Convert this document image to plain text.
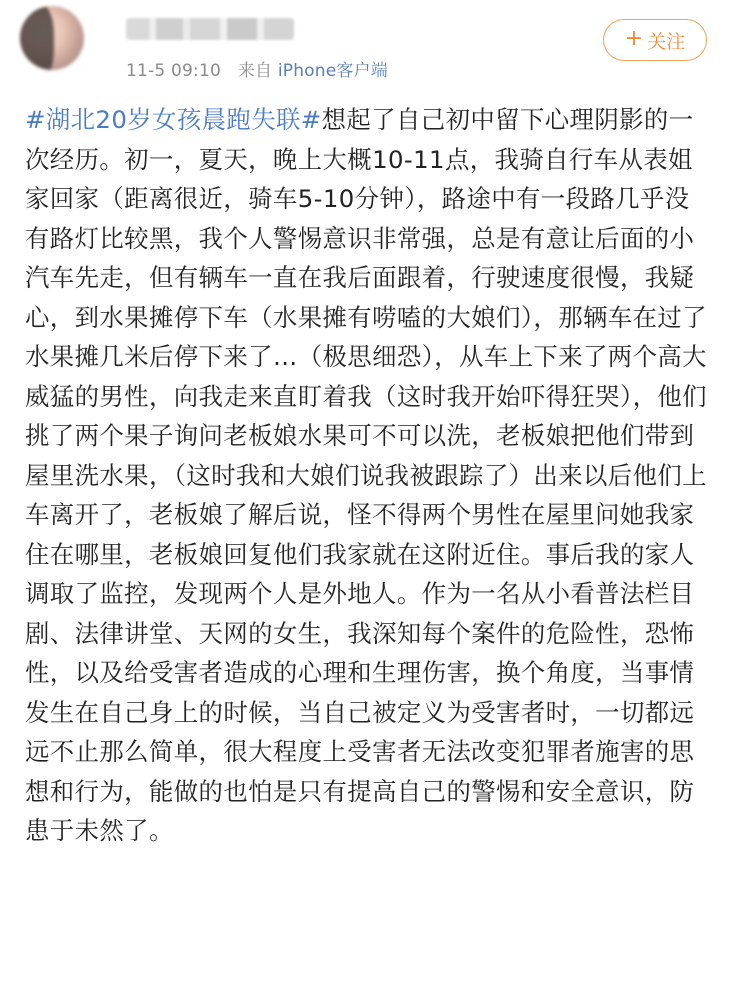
11-5 09:10 来自 iPhone客户端
+ 关注
#湖北20岁女孩晨跑失联#想起了自己初中留下心理阴影的一次经历。初一，夏天，晚上大概10-11点，我骑自行车从表姐家回家（距离很近，骑车5-10分钟），路途中有一段路几乎没有路灯比较黑，我个人警惕意识非常强，总是有意让后面的小汽车先走，但有辆车一直在我后面跟着，行驶速度很慢，我疑心，到水果摊停下车（水果摊有唠嗑的大娘们），那辆车在过了水果摊几米后停下来了…（极思细恐），从车上下来了两个高大威猛的男性，向我走来直盯着我（这时我开始吓得狂哭），他们挑了两个果子询问老板娘水果可不可以洗，老板娘把他们带到屋里洗水果，（这时我和大娘们说我被跟踪了）出来以后他们上车离开了，老板娘了解后说，怪不得两个男性在屋里问她我家住在哪里，老板娘回复他们我家就在这附近住。事后我的家人调取了监控，发现两个人是外地人。作为一名从小看普法栏目剧、法律讲堂、天网的女生，我深知每个案件的危险性，恐怖性，以及给受害者造成的心理和生理伤害，换个角度，当事情发生在自己身上的时候，当自己被定义为受害者时，一切都远远不止那么简单，很大程度上受害者无法改变犯罪者施害的思想和行为，能做的也怕是只有提高自己的警惕和安全意识，防患于未然了。
